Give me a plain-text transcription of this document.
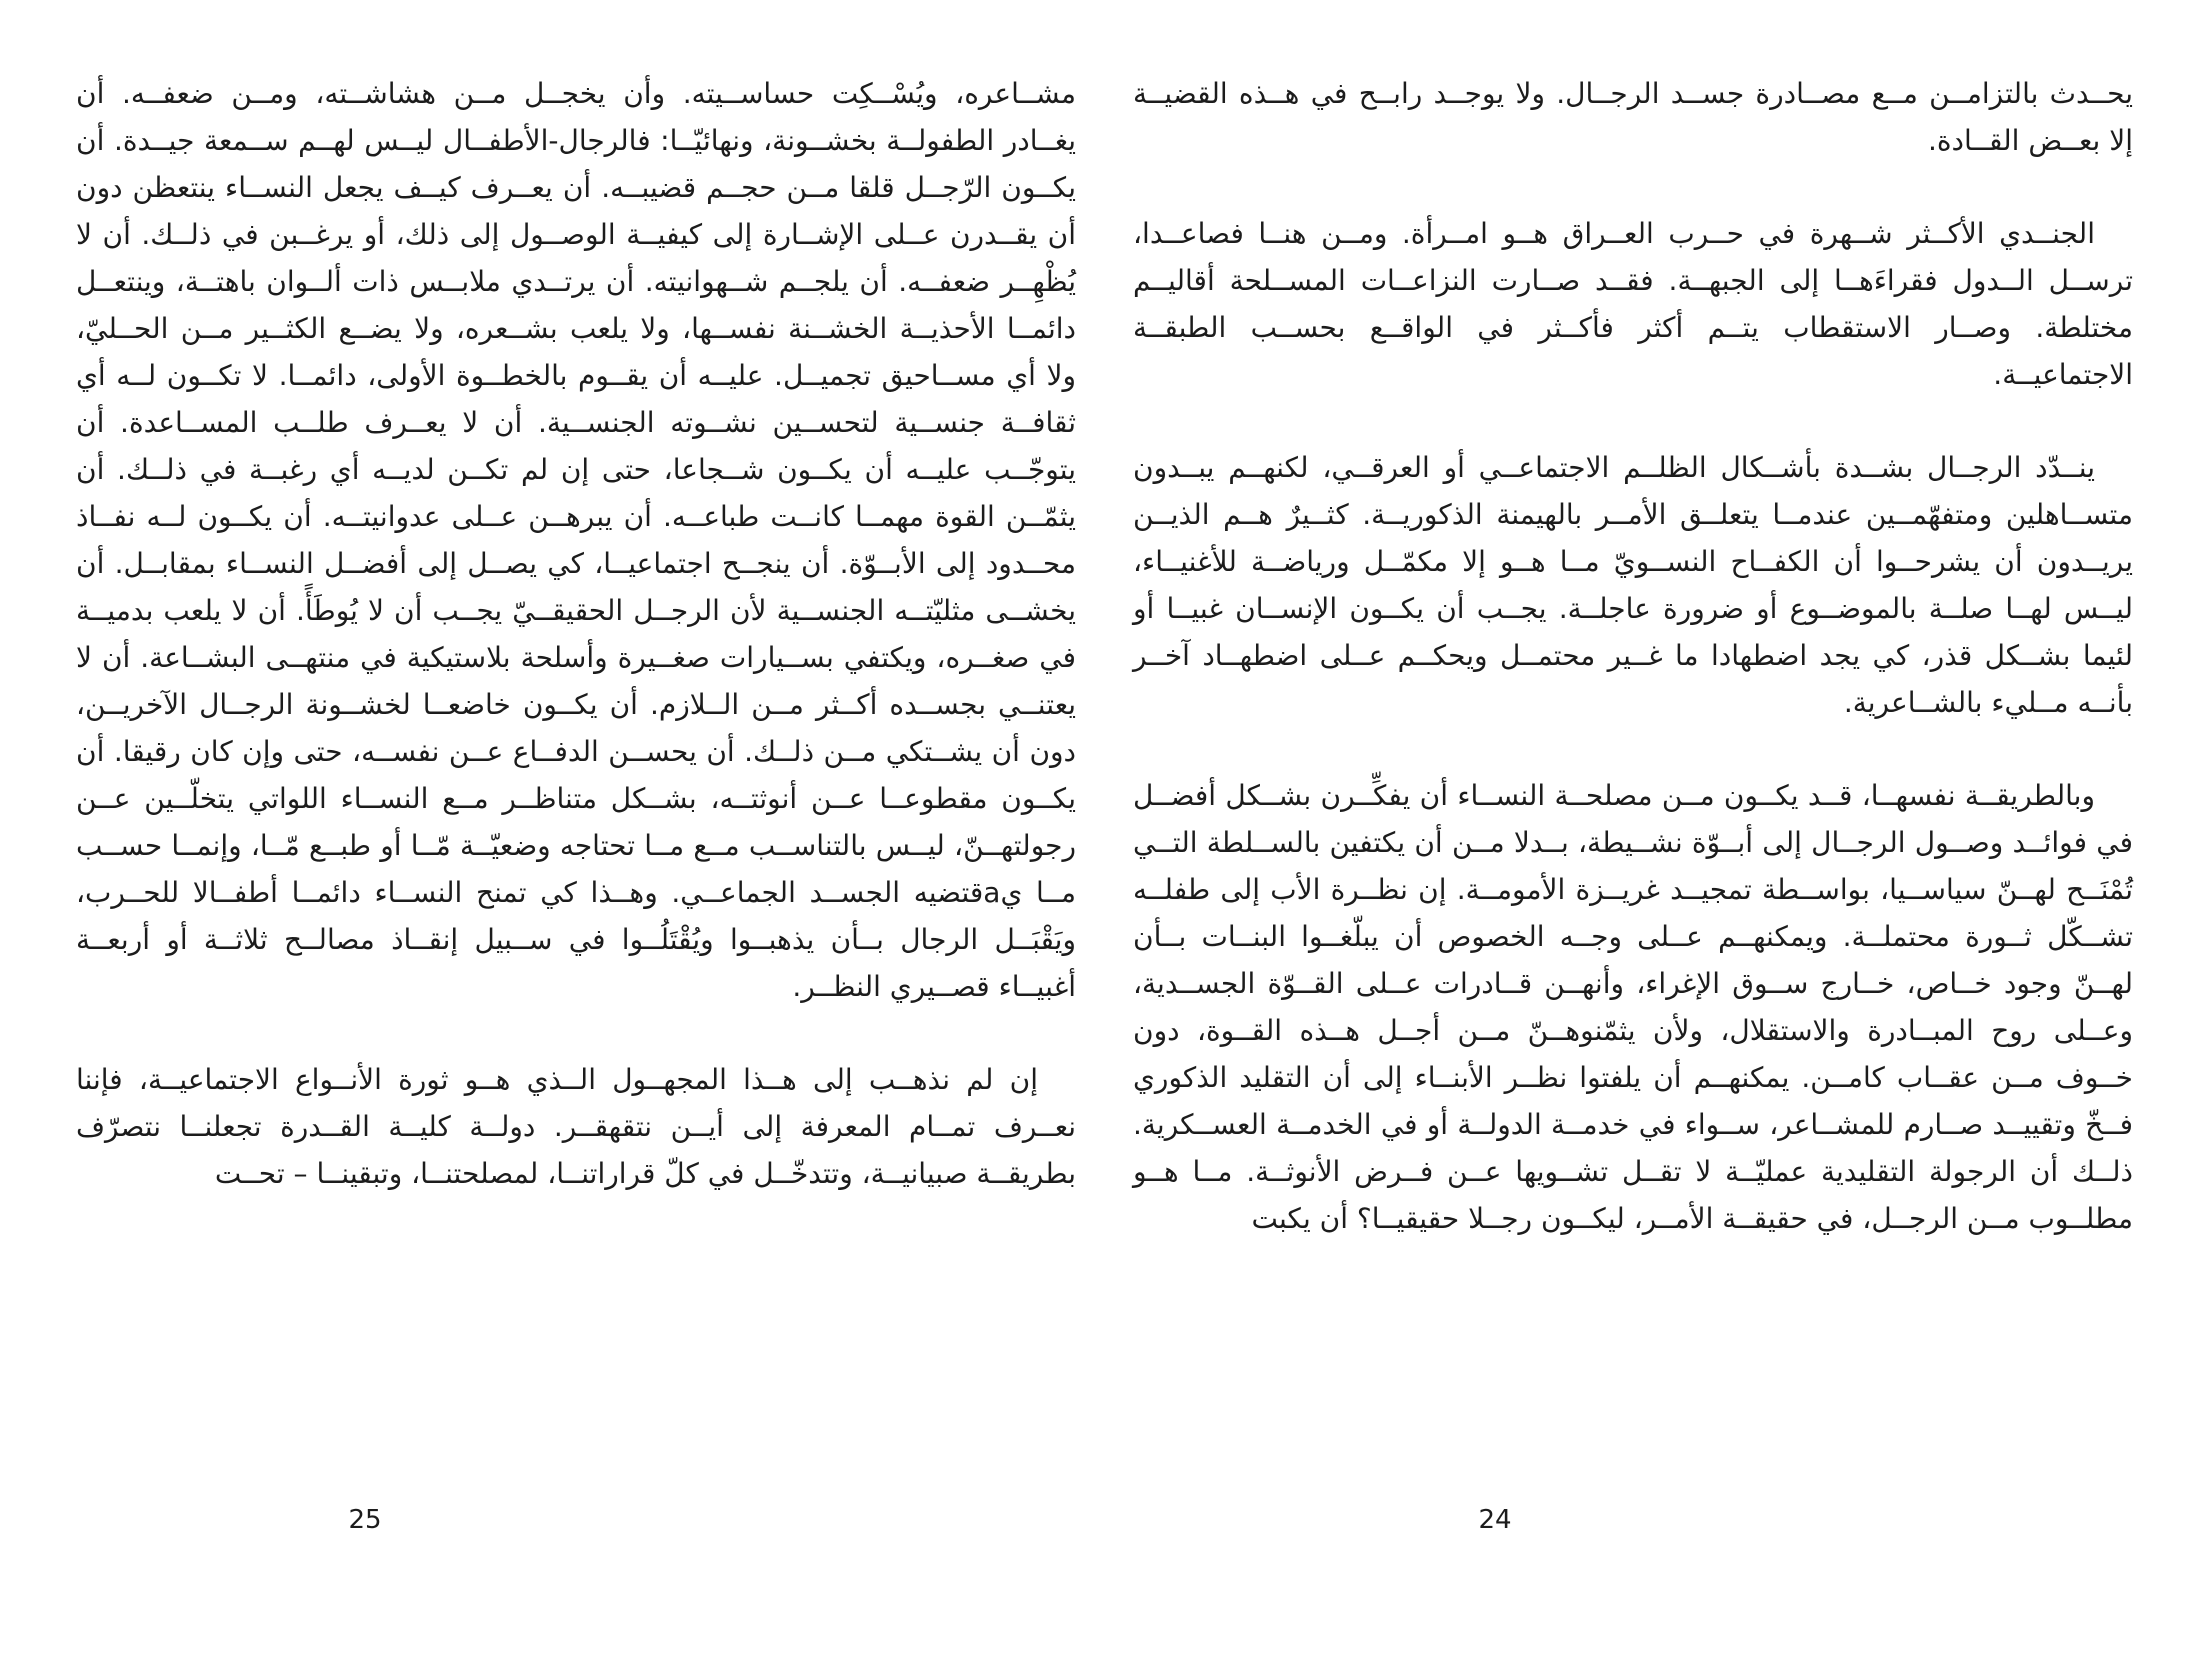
يحــدث بالتزامــن مــع مصــادرة جســد الرجــال. ولا يوجــد رابــح في هــذه القضيــة إلا بعــض القــادة.

الجنــدي الأكــثر شــهرة في حــرب العــراق هــو امــرأة. ومــن هنــا فصاعــدا، ترســل الــدول فقراءَهــا إلى الجبهــة. فقــد صــارت النزاعــات المســلحة أقاليــم مختلطة. وصــار الاستقطاب يتــم أكثر فأكــثر في الواقــع بحســب الطبقــة الاجتماعيــة.

ينــدّد الرجــال بشــدة بأشــكال الظلــم الاجتماعــي أو العرقــي، لكنهــم يبــدون متســاهلين ومتفهّمــين عندمــا يتعلــق الأمــر بالهيمنة الذكوريــة. كثــيرٌ هــم الذيــن يريــدون أن يشرحــوا أن الكفــاح النســويّ مــا هــو إلا مكمّــل ورياضــة للأغنيــاء، ليــس لهــا صلــة بالموضــوع أو ضرورة عاجلــة. يجــب أن يكــون الإنســان غبيــا أو لئيما بشــكل قذر، كي يجد اضطهادا ما غــير محتمــل ويحكــم عــلى اضطهــاد آخــر بأنــه مــليء بالشــاعرية.

وبالطريقــة نفسهــا، قــد يكــون مــن مصلحــة النســاء أن يفكِّــرن بشــكل أفضــل في فوائــد وصــول الرجــال إلى أبــوّة نشــيطة، بــدلا مــن أن يكتفين بالســلطة التــي تُمْنَــح لهــنّ سياســيا، بواســطة تمجيــد غريــزة الأمومــة. إن نظــرة الأب إلى طفلــه تشــكّل ثــورة محتملــة. ويمكنهــم عــلى وجــه الخصوص أن يبلّغــوا البنــات بــأن لهــنّ وجود خــاص، خــارج ســوق الإغراء، وأنهــن قــادرات عــلى القــوّة الجســدية، وعــلى روح المبــادرة والاستقلال، ولأن يثمّنوهــنّ مــن أجــل هــذه القــوة، دون خــوف مــن عقــاب كامــن. يمكنهــم أن يلفتوا نظــر الأبنــاء إلى أن التقليد الذكوري فــخّ وتقييــد صــارم للمشــاعر، ســواء في خدمــة الدولــة أو في الخدمــة العســكرية. ذلــك أن الرجولة التقليدية عمليّــة لا تقــل تشــويها عــن فــرض الأنوثــة. مــا هــو مطلــوب مــن الرجــل، في حقيقــة الأمــر، ليكــون رجــلا حقيقيــا؟ أن يكبت

24

مشــاعره، ويُسْــكِت حساســيته. وأن يخجــل مــن هشاشــته، ومــن ضعفــه. أن يغــادر الطفولــة بخشــونة، ونهائيّــا: فالرجال-الأطفــال ليــس لهــم ســمعة جيــدة. أن يكــون الرّجــل قلقا مــن حجــم قضيبــه. أن يعــرف كيــف يجعل النســاء ينتعظن دون أن يقــدرن عــلى الإشــارة إلى كيفيــة الوصــول إلى ذلك، أو يرغــبن في ذلــك. أن لا يُظْهِــر ضعفــه. أن يلجــم شــهوانيته. أن يرتــدي ملابــس ذات ألــوان باهتــة، وينتعــل دائمــا الأحذيــة الخشــنة نفســها، ولا يلعب بشــعره، ولا يضــع الكثــير مــن الحــليّ، ولا أي مســاحيق تجميــل. عليــه أن يقــوم بالخطــوة الأولى، دائمــا. لا تكــون لــه أي ثقافــة جنســية لتحســين نشــوته الجنســية. أن لا يعــرف طلــب المســاعدة. أن يتوجّــب عليــه أن يكــون شــجاعا، حتى إن لم تكــن لديــه أي رغبــة في ذلــك. أن يثمّــن القوة مهمــا كانــت طباعــه. أن يبرهــن عــلى عدوانيتــه. أن يكــون لــه نفــاذ محــدود إلى الأبــوّة. أن ينجــح اجتماعيــا، كي يصــل إلى أفضــل النســاء بمقابــل. أن يخشــى مثليّتــه الجنســية لأن الرجــل الحقيقــيّ يجــب أن لا يُوطَأً. أن لا يلعب بدميــة في صغــره، ويكتفي بســيارات صغــيرة وأسلحة بلاستيكية في منتهــى البشــاعة. أن لا يعتنــي بجســده أكــثر مــن الــلازم. أن يكــون خاضعــا لخشــونة الرجــال الآخريــن، دون أن يشــتكي مــن ذلــك. أن يحســن الدفــاع عــن نفســه، حتى وإن كان رقيقا. أن يكــون مقطوعــا عــن أنوثتــه، بشــكل متناظــر مــع النســاء اللواتي يتخلّــين عــن رجولتهــنّ، ليــس بالتناســب مــع مــا تحتاجه وضعيّــة مّــا أو طبــع مّــا، وإنمــا حســب مــا يaقتضيه الجســد الجماعــي. وهــذا كي تمنح النســاء دائمــا أطفــالا للحــرب، ويَقْبَــل الرجال بــأن يذهبــوا ويُقْتَلُــوا في ســبيل إنقــاذ مصالــح ثلاثــة أو أربعــة أغبيــاء قصــيري النظــر.

إن لم نذهــب إلى هــذا المجهــول الــذي هــو ثورة الأنــواع الاجتماعيــة، فإننا نعــرف تمــام المعرفة إلى أيــن نتقهقــر. دولــة كليــة القــدرة تجعلنــا نتصرّف بطريقــة صبيانيــة، وتتدخّــل في كلّ قراراتنــا، لمصلحتنــا، وتبقينــا – تحــت

25
